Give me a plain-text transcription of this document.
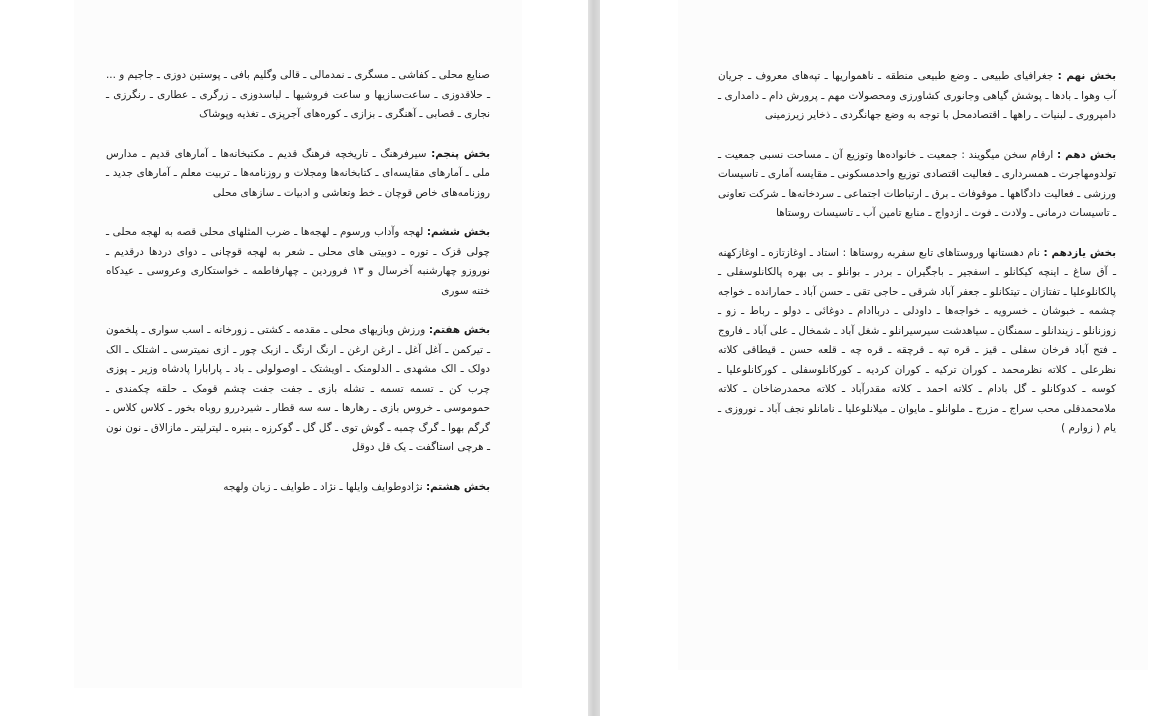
صنایع محلی ـ کفاشی ـ مسگری ـ نمدمالی ـ قالی وگلیم بافی ـ پوستین دوزی ـ جاجیم و ... ـ حلاقدوزی ـ ساعت‌سازیها و ساعت فروشیها ـ لباسدوزی ـ زرگری ـ عطاری ـ رنگرزی ـ نجاری ـ قصابی ـ آهنگری ـ بزازی ـ کوره‌های آجرپزی ـ تغذیه وپوشاک

بخش پنجم: سیرفرهنگ ـ تاریخچه فرهنگ قدیم ـ مکتبخانه‌ها ـ آمارهای قدیم ـ مدارس ملی ـ آمارهای مقایسه‌ای ـ کتابخانه‌ها ومجلات و روزنامه‌ها ـ تربیت معلم ـ آمارهای جدید ـ روزنامه‌های خاص قوچان ـ خط وتعاشی و ادبیات ـ سازهای محلی

بخش ششم: لهجه وآداب ورسوم ـ لهجه‌ها ـ ضرب المثلهای محلی قصه به لهجه محلی ـ چولی قزک ـ توره ـ دوبیتی های محلی ـ شعر به لهجه قوچانی ـ دوای دردها درقدیم ـ نوروزو چهارشنبه آخرسال و ۱۳ فروردین ـ چهارفاطمه ـ خواستکاری وعروسی ـ عیدکاه ختنه سوری

بخش هفتم: ورزش وبازیهای محلی ـ مقدمه ـ کشتی ـ زورخانه ـ اسب سواری ـ پلخمون ـ تیرکمن ـ آغل آغل ـ ارغن ارغن ـ ارنگ ارنگ ـ ازبک چور ـ ازی نمیترسی ـ اشتلک ـ الک دولک ـ الک مشهدی ـ الدلومنک ـ اویشتک ـ اوصولولی ـ باد ـ پارابارا پادشاه وزیر ـ پوزی چرب کن ـ تسمه تسمه ـ تشله بازی ـ جفت جفت چشم قومک ـ حلقه چکمندی ـ حموموسی ـ خروس بازی ـ رهارها ـ سه سه قطار ـ شیردررو روباه بخور ـ کلاس کلاس ـ گرگم بهوا ـ گرگ چمبه ـ گوش توی ـ گل گل ـ گوکرزه ـ بنیره ـ لیترلیتر ـ مازالاق ـ نون نون ـ هرچی استاگفت ـ یک قل دوقل

بخش هشتم: نژادوطوایف وایلها ـ نژاد ـ طوایف ـ زبان ولهجه

بخش نهم : جغرافیای طبیعی ـ وضع طبیعی منطقه ـ ناهمواریها ـ تپه‌های معروف ـ جریان آب وهوا ـ بادها ـ پوشش گیاهی وجانوری کشاورزی ومحصولات مهم ـ پرورش دام ـ دامداری ـ دامپروری ـ لبنیات ـ راهها ـ اقتصادمحل با توجه به وضع جهانگردی ـ ذخایر زیرزمینی

بخش دهم : ارقام سخن میگویند : جمعیت ـ خانواده‌ها وتوزیع آن ـ مساحت نسبی جمعیت ـ تولدومهاجرت ـ همسرداری ـ فعالیت اقتصادی توزیع واحدمسکونی ـ مقایسه آماری ـ تاسیسات ورزشی ـ فعالیت دادگاهها ـ موقوفات ـ برق ـ ارتباطات اجتماعی ـ سردخانه‌ها ـ شرکت تعاونی ـ تاسیسات درمانی ـ ولادت ـ فوت ـ ازدواج ـ منابع تامین آب ـ تاسیسات روستاها

بخش یازدهم : نام دهستانها وروستاهای تابع سفربه روستاها : استاد ـ اوغازتازه ـ اوغازکهنه ـ آق ساغ ـ اینچه کیکانلو ـ اسفجیر ـ باجگیران ـ بردر ـ بوانلو ـ بی بهره پالکانلوسفلی ـ پالکانلوعلیا ـ تفتازان ـ تیتکانلو ـ جعفر آباد شرقی ـ حاجی تقی ـ حسن آباد ـ حمارانده ـ خواجه چشمه ـ خبوشان ـ خسرویه ـ خواجه‌ها ـ داودلی ـ درباادام ـ دوغائی ـ دولو ـ رباط ـ زو ـ زوزنانلو ـ زیندانلو ـ سمنگان ـ سیاهدشت سیرسیرانلو ـ شغل آباد ـ شمخال ـ علی آباد ـ فاروج ـ فتح آباد فرخان سفلی ـ قیز ـ قره تپه ـ قرچقه ـ قره چه ـ قلعه حسن ـ قیطاقی کلاته نظرعلی ـ کلاته نظرمحمد ـ کوران ترکیه ـ کوران کردیه ـ کورکانلوسفلی ـ کورکانلوعلیا ـ کوسه ـ کدوکانلو ـ گل بادام ـ کلاته احمد ـ کلاته مقدرآباد ـ کلاته محمدرضاخان ـ کلاته ملامحمدقلی محب سراج ـ مزرج ـ ملوانلو ـ مایوان ـ میلانلوعلیا ـ نامانلو نجف آباد ـ نوروزی ـ یام ( زوارم )
